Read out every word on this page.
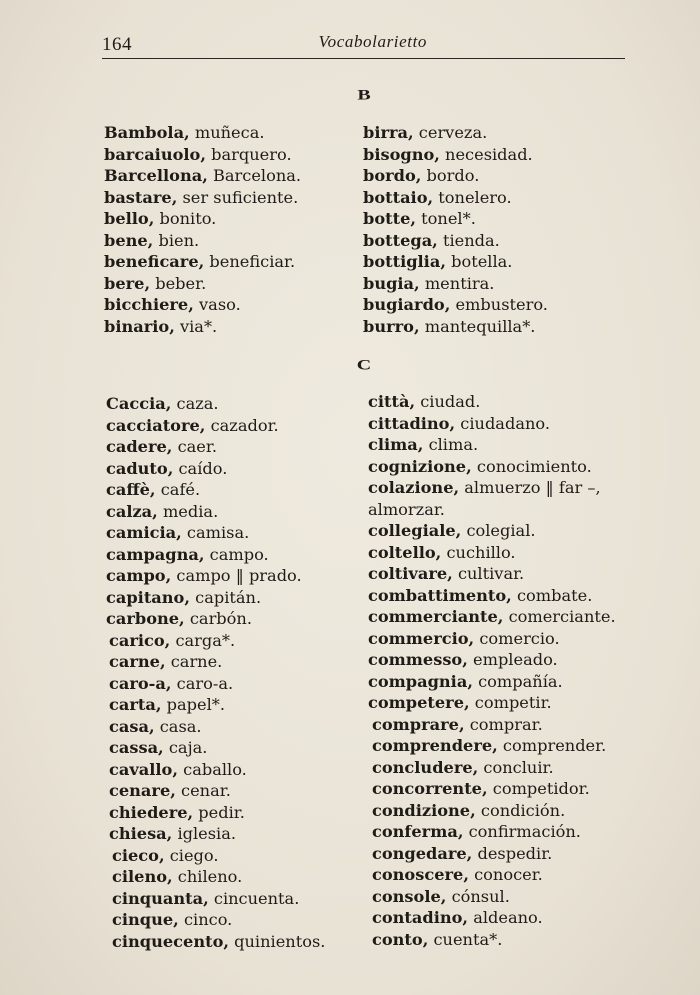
164	Vocabolarietto
B
Bambola, muñeca.
barcaiuolo, barquero.
Barcellona, Barcelona.
bastare, ser suficiente.
bello, bonito.
bene, bien.
beneficare, beneficiar.
bere, beber.
bicchiere, vaso.
binario, via*.
birra, cerveza.
bisogno, necesidad.
bordo, bordo.
bottaio, tonelero.
botte, tonel*.
bottega, tienda.
bottiglia, botella.
bugia, mentira.
bugiardo, embustero.
burro, mantequilla*.
C
Caccia, caza.
cacciatore, cazador.
cadere, caer.
caduto, caído.
caffè, café.
calza, media.
camicia, camisa.
campagna, campo.
campo, campo ‖ prado.
capitano, capitán.
carbone, carbón.
carico, carga*.
carne, carne.
caro-a, caro-a.
carta, papel*.
casa, casa.
cassa, caja.
cavallo, caballo.
cenare, cenar.
chiedere, pedir.
chiesa, iglesia.
cieco, ciego.
cileno, chileno.
cinquanta, cincuenta.
cinque, cinco.
cinquecento, quinientos.
città, ciudad.
cittadino, ciudadano.
clima, clima.
cognizione, conocimiento.
colazione, almuerzo ‖ far –,
almorzar.
collegiale, colegial.
coltello, cuchillo.
coltivare, cultivar.
combattimento, combate.
commerciante, comerciante.
commercio, comercio.
commesso, empleado.
compagnia, compañía.
competere, competir.
comprare, comprar.
comprendere, comprender.
concludere, concluir.
concorrente, competidor.
condizione, condición.
conferma, confirmación.
congedare, despedir.
conoscere, conocer.
console, cónsul.
contadino, aldeano.
conto, cuenta*.
